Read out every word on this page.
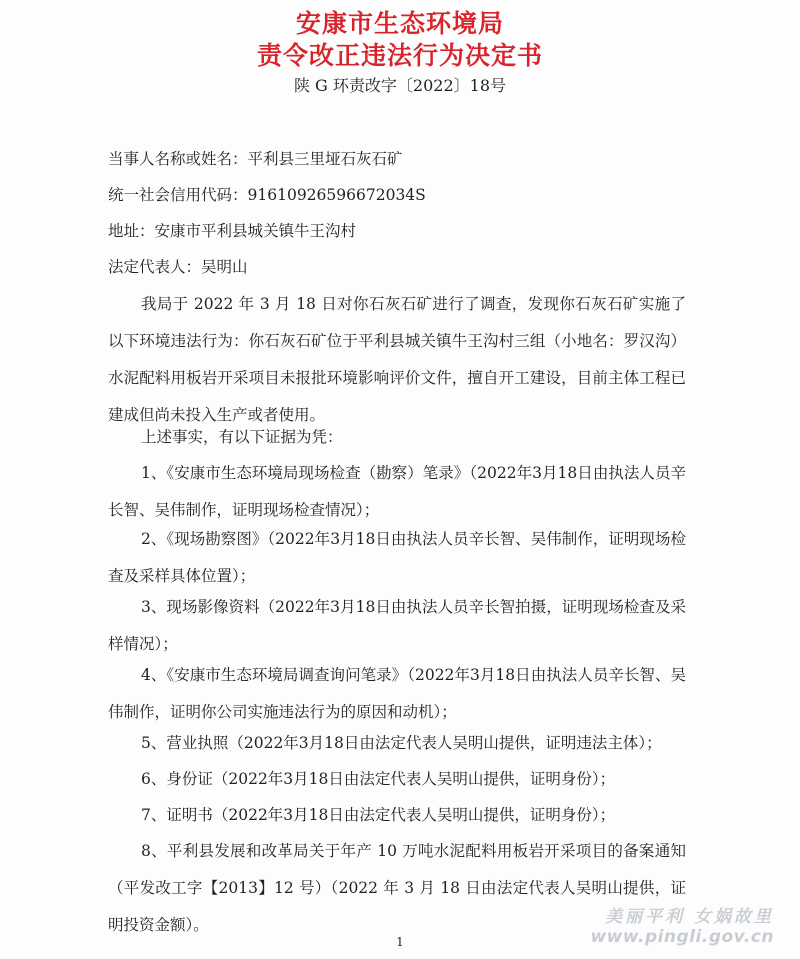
安康市生态环境局
责令改正违法行为决定书
陕 G 环责改字〔2022〕18号
当事人名称或姓名：平利县三里垭石灰石矿
统一社会信用代码：91610926596672034S
地址：安康市平利县城关镇牛王沟村
法定代表人：吴明山
我局于 2022 年 3 月 18 日对你石灰石矿进行了调查，发现你石灰石矿实施了以下环境违法行为：你石灰石矿位于平利县城关镇牛王沟村三组（小地名：罗汉沟）水泥配料用板岩开采项目未报批环境影响评价文件，擅自开工建设，目前主体工程已建成但尚未投入生产或者使用。
上述事实，有以下证据为凭：
1、《安康市生态环境局现场检查（勘察）笔录》（2022年3月18日由执法人员辛长智、吴伟制作，证明现场检查情况）；
2、《现场勘察图》（2022年3月18日由执法人员辛长智、吴伟制作，证明现场检查及采样具体位置）；
3、现场影像资料（2022年3月18日由执法人员辛长智拍摄，证明现场检查及采样情况）；
4、《安康市生态环境局调查询问笔录》（2022年3月18日由执法人员辛长智、吴伟制作，证明你公司实施违法行为的原因和动机）；
5、营业执照（2022年3月18日由法定代表人吴明山提供，证明违法主体）；
6、身份证（2022年3月18日由法定代表人吴明山提供，证明身份）；
7、证明书（2022年3月18日由法定代表人吴明山提供，证明身份）；
8、平利县发展和改革局关于年产 10 万吨水泥配料用板岩开采项目的备案通知（平发改工字【2013】12 号）（2022 年 3 月 18 日由法定代表人吴明山提供，证明投资金额）。
1
美丽平利 女娲故里
www.pingli.gov.cn
